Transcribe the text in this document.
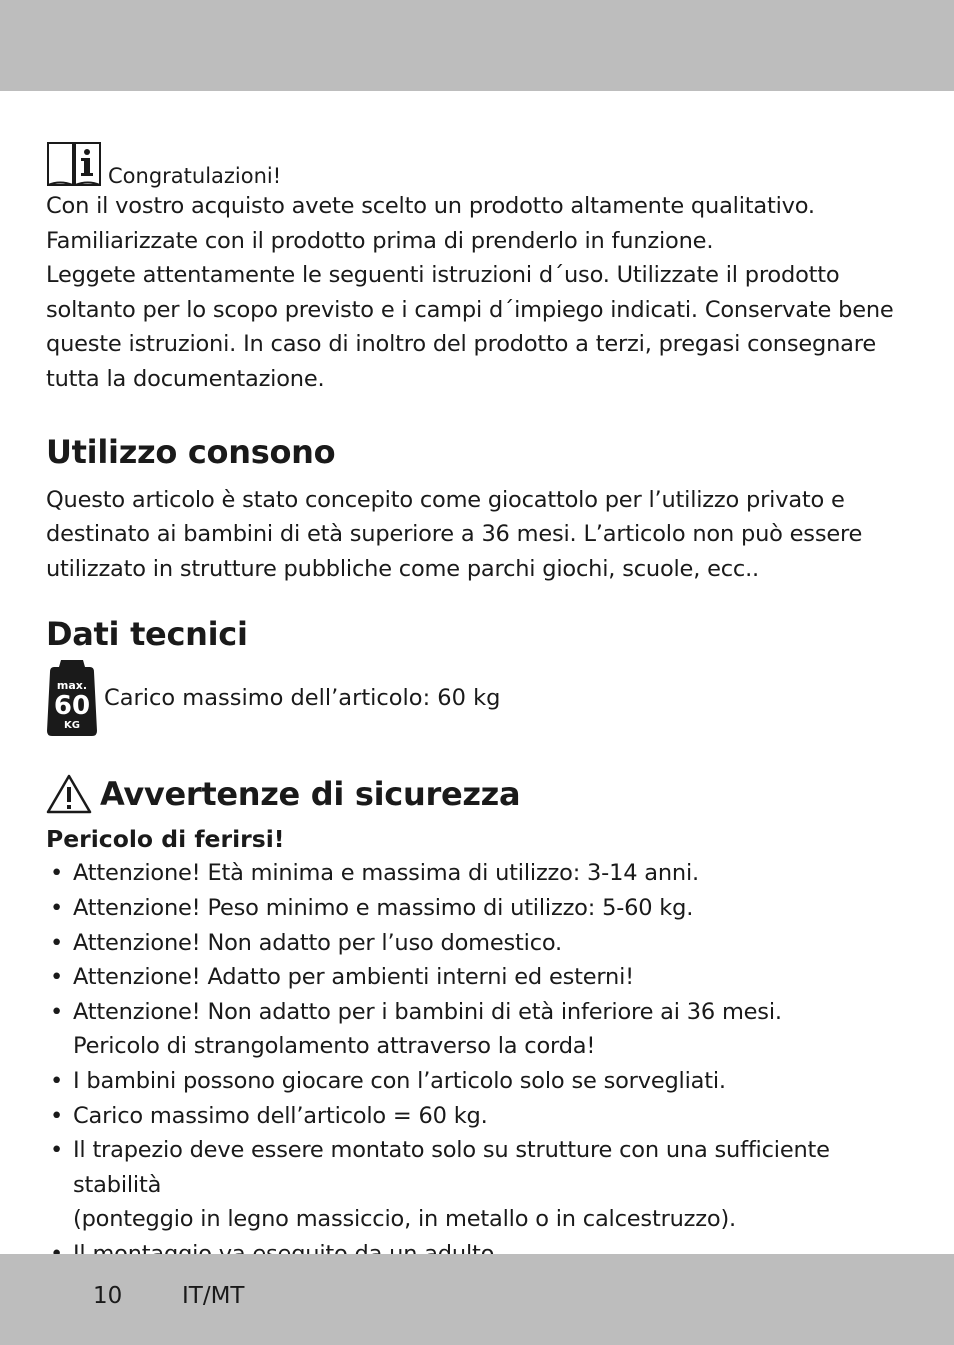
Congratulazioni!

Con il vostro acquisto avete scelto un prodotto altamente qualitativo.
Familiarizzate con il prodotto prima di prenderlo in funzione.
Leggete attentamente le seguenti istruzioni d´uso. Utilizzate il prodotto
soltanto per lo scopo previsto e i campi d´impiego indicati. Conservate bene
queste istruzioni. In caso di inoltro del prodotto a terzi, pregasi consegnare
tutta la documentazione.

Utilizzo consono

Questo articolo è stato concepito come giocattolo per l’utilizzo privato e
destinato ai bambini di età superiore a 36 mesi. L’articolo non può essere
utilizzato in strutture pubbliche come parchi giochi, scuole, ecc..

Dati tecnici
max.
60
KG
Carico massimo dell’articolo: 60 kg
Avvertenze di sicurezza
Pericolo di ferirsi!
• Attenzione! Età minima e massima di utilizzo: 3-14 anni.
• Attenzione! Peso minimo e massimo di utilizzo: 5-60 kg.
• Attenzione! Non adatto per l’uso domestico.
• Attenzione! Adatto per ambienti interni ed esterni!
• Attenzione! Non adatto per i bambini di età inferiore ai 36 mesi.
Pericolo di strangolamento attraverso la corda!
• I bambini possono giocare con l’articolo solo se sorvegliati.
• Carico massimo dell’articolo = 60 kg.
• Il trapezio deve essere montato solo su strutture con una sufficiente stabilità
(ponteggio in legno massiccio, in metallo o in calcestruzzo).
•
10	IT/MT
